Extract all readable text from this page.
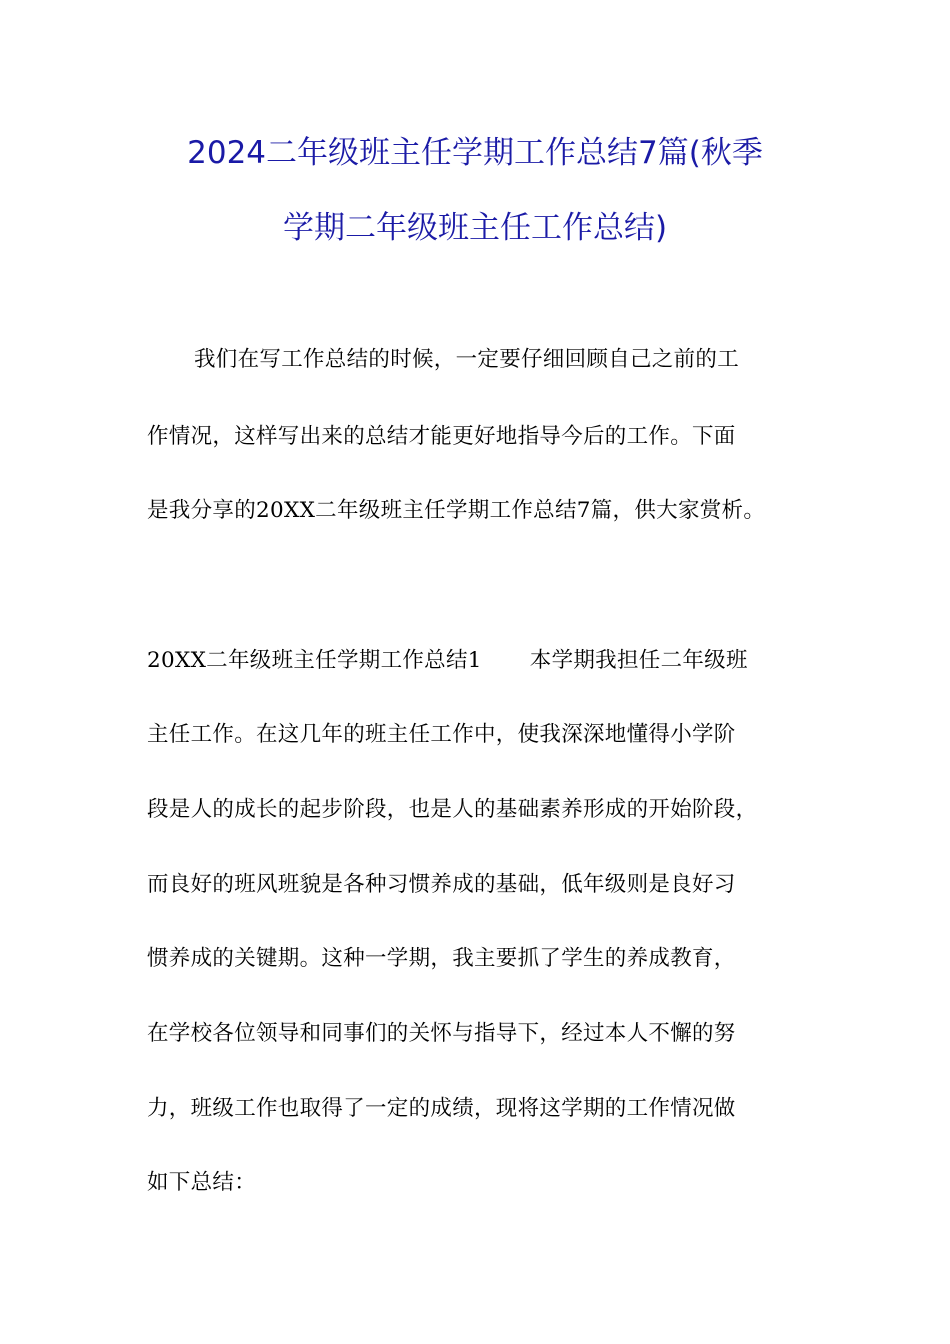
2024二年级班主任学期工作总结7篇(秋季
学期二年级班主任工作总结)

我们在写工作总结的时候，一定要仔细回顾自己之前的工

作情况，这样写出来的总结才能更好地指导今后的工作。下面

是我分享的20XX二年级班主任学期工作总结7篇，供大家赏析。

20XX二年级班主任学期工作总结1 本学期我担任二年级班

主任工作。在这几年的班主任工作中，使我深深地懂得小学阶

段是人的成长的起步阶段，也是人的基础素养形成的开始阶段，

而良好的班风班貌是各种习惯养成的基础，低年级则是良好习

惯养成的关键期。这种一学期，我主要抓了学生的养成教育，

在学校各位领导和同事们的关怀与指导下，经过本人不懈的努

力，班级工作也取得了一定的成绩，现将这学期的工作情况做

如下总结：
